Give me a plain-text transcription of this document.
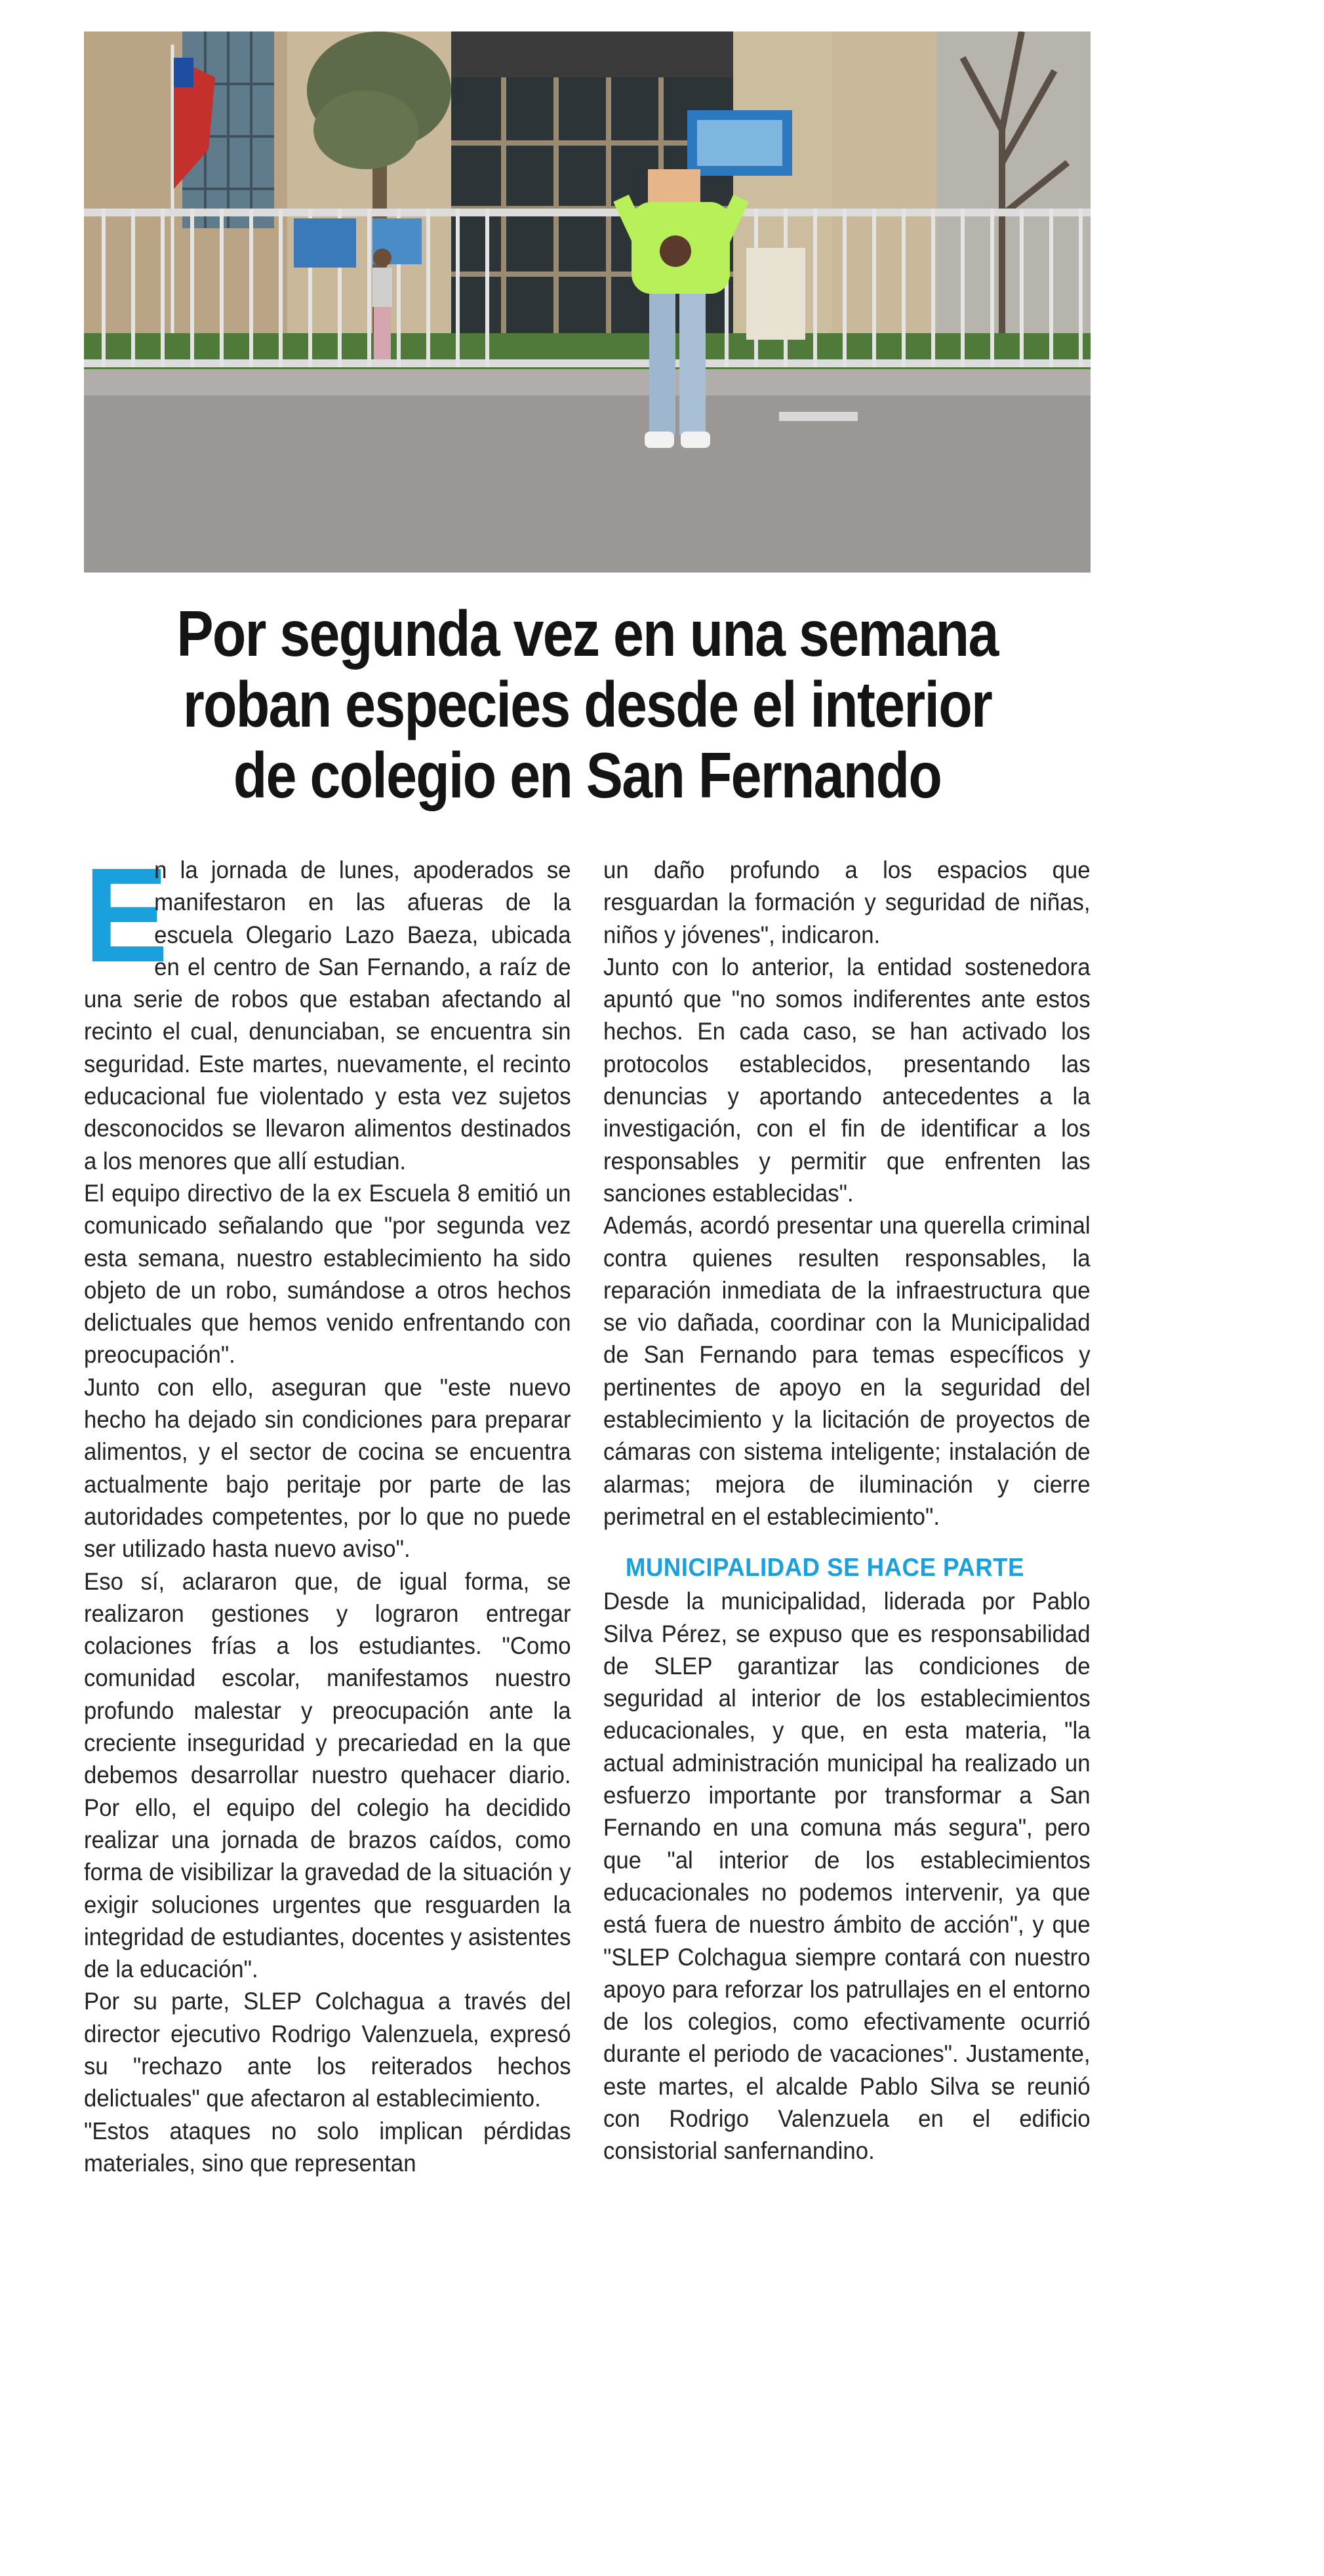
Por segunda vez en una semana
roban especies desde el interior
de colegio en San Fernando
E

n la jornada de lunes, apoderados se manifestaron en las afueras de la escuela Olegario Lazo Baeza, ubicada en el centro de San Fernando, a raíz de una serie de robos que estaban afectando al recinto el cual, denunciaban, se encuentra sin seguridad. Este martes, nuevamente, el recinto educacional fue violentado y esta vez sujetos desconocidos se llevaron alimentos destinados a los menores que allí estudian.

El equipo directivo de la ex Escuela 8 emitió un comunicado señalando que "por segunda vez esta semana, nuestro establecimiento ha sido objeto de un robo, sumándose a otros hechos delictuales que hemos venido enfrentando con preocupación".

Junto con ello, aseguran que "este nuevo hecho ha dejado sin condiciones para preparar alimentos, y el sector de cocina se encuentra actualmente bajo peritaje por parte de las autoridades competentes, por lo que no puede ser utilizado hasta nuevo aviso".

Eso sí, aclararon que, de igual forma, se realizaron gestiones y lograron entregar colaciones frías a los estudiantes. "Como comunidad escolar, manifestamos nuestro profundo malestar y preocupación ante la creciente inseguridad y precariedad en la que debemos desarrollar nuestro quehacer diario. Por ello, el equipo del colegio ha decidido realizar una jornada de brazos caídos, como forma de visibilizar la gravedad de la situación y exigir soluciones urgentes que resguarden la integridad de estudiantes, docentes y asistentes de la educación".

Por su parte, SLEP Colchagua a través del director ejecutivo Rodrigo Valenzuela, expresó su "rechazo ante los reiterados hechos delictuales" que afectaron al establecimiento.

"Estos ataques no solo implican pérdidas materiales, sino que representan

un daño profundo a los espacios que resguardan la formación y seguridad de niñas, niños y jóvenes", indicaron.

Junto con lo anterior, la entidad sostenedora apuntó que "no somos indiferentes ante estos hechos. En cada caso, se han activado los protocolos establecidos, presentando las denuncias y aportando antecedentes a la investigación, con el fin de identificar a los responsables y permitir que enfrenten las sanciones establecidas".

Además, acordó presentar una querella criminal contra quienes resulten responsables, la reparación inmediata de la infraestructura que se vio dañada, coordinar con la Municipalidad de San Fernando para temas específicos y pertinentes de apoyo en la seguridad del establecimiento y la licitación de proyectos de cámaras con sistema inteligente; instalación de alarmas; mejora de iluminación y cierre perimetral en el establecimiento".

MUNICIPALIDAD SE HACE PARTE

Desde la municipalidad, liderada por Pablo Silva Pérez, se expuso que es responsabilidad de SLEP garantizar las condiciones de seguridad al interior de los establecimientos educacionales, y que, en esta materia, "la actual administración municipal ha realizado un esfuerzo importante por transformar a San Fernando en una comuna más segura", pero que "al interior de los establecimientos educacionales no podemos intervenir, ya que está fuera de nuestro ámbito de acción", y que "SLEP Colchagua siempre contará con nuestro apoyo para reforzar los patrullajes en el entorno de los colegios, como efectivamente ocurrió durante el periodo de vacaciones". Justamente, este martes, el alcalde Pablo Silva se reunió con Rodrigo Valenzuela en el edificio consistorial sanfernandino.
